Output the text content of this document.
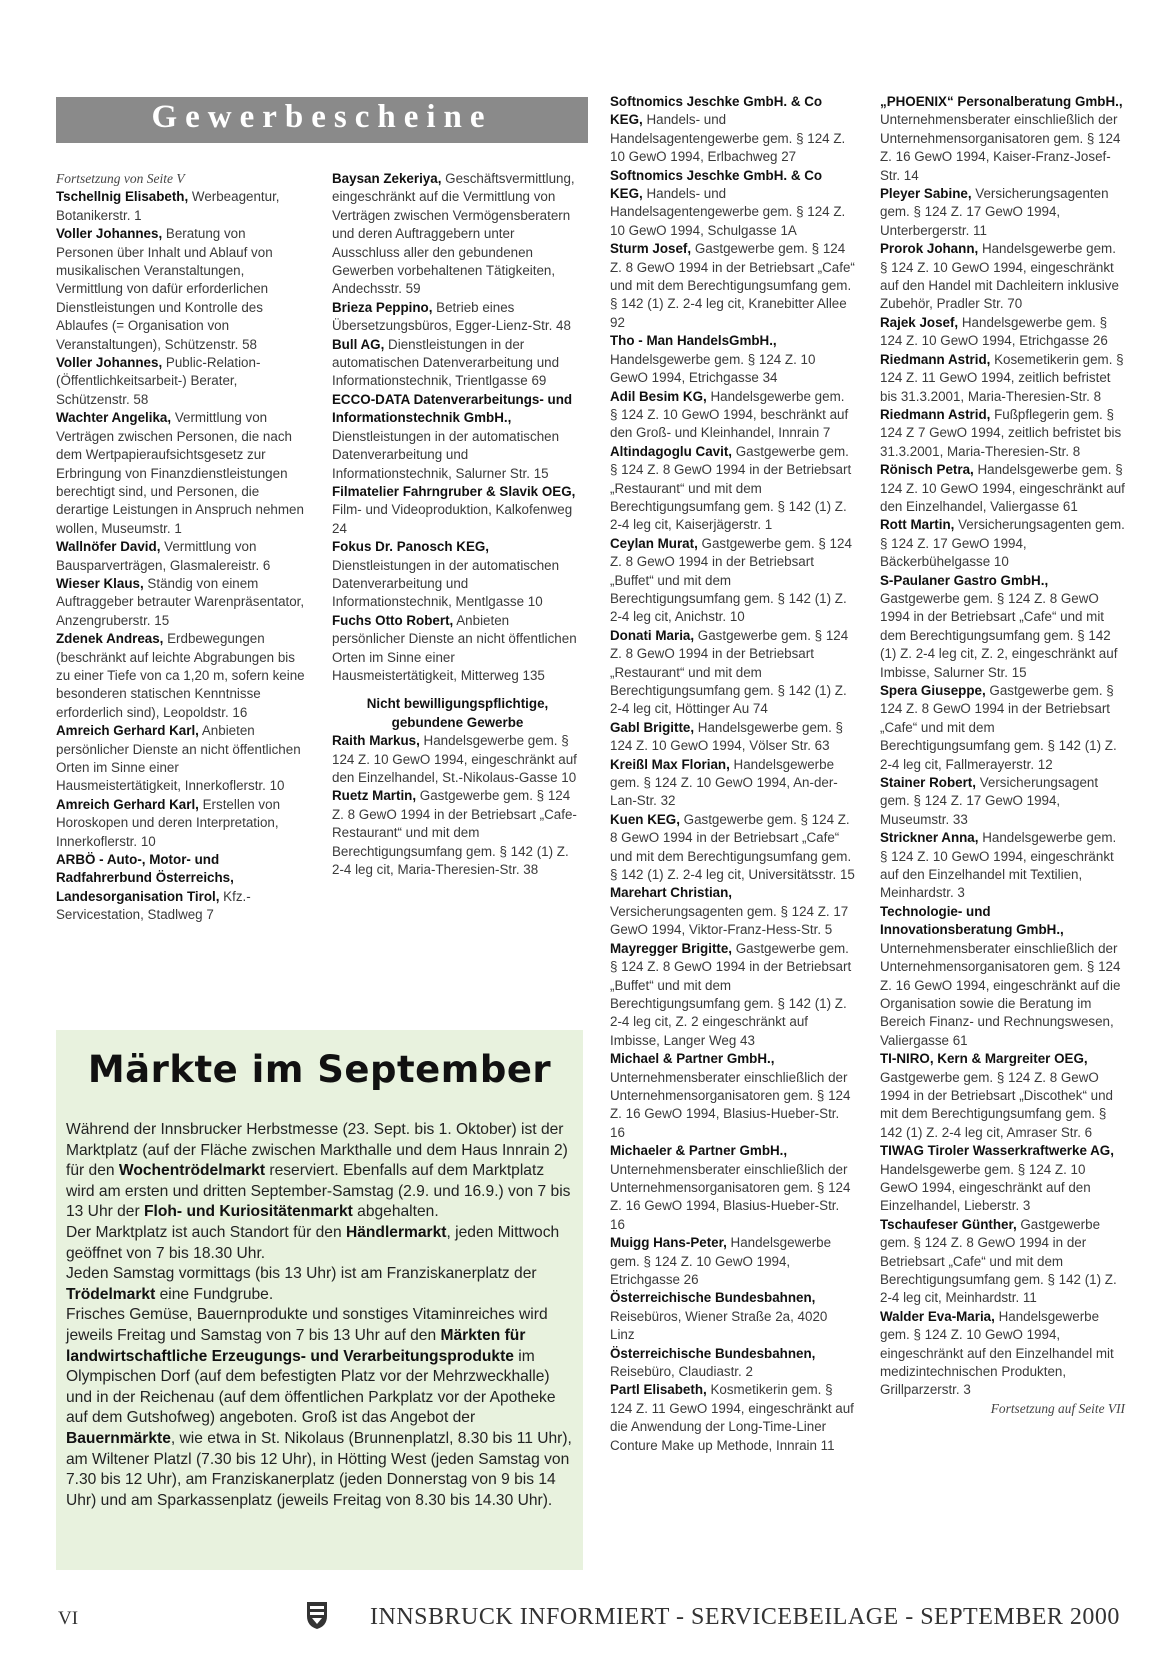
Gewerbescheine
Fortsetzung von Seite V

Tschellnig Elisabeth, Werbeagentur, Botanikerstr. 1

Voller Johannes, Beratung von Personen über Inhalt und Ablauf von musikalischen Veranstaltungen, Vermittlung von dafür erforderlichen Dienstleistungen und Kontrolle des Ablaufes (= Organisation von Veranstaltungen), Schützenstr. 58

Voller Johannes, Public-Relation-(Öffentlichkeitsarbeit-) Berater, Schützenstr. 58

Wachter Angelika, Vermittlung von Verträgen zwischen Personen, die nach dem Wertpapieraufsichtsgesetz zur Erbringung von Finanzdienstleistungen berechtigt sind, und Personen, die derartige Leistungen in Anspruch nehmen wollen, Museumstr. 1

Wallnöfer David, Vermittlung von Bausparverträgen, Glasmalereistr. 6

Wieser Klaus, Ständig von einem Auftraggeber betrauter Warenpräsentator, Anzengruberstr. 15

Zdenek Andreas, Erdbewegungen (beschränkt auf leichte Abgrabungen bis zu einer Tiefe von ca 1,20 m, sofern keine besonderen statischen Kenntnisse erforderlich sind), Leopoldstr. 16

Amreich Gerhard Karl, Anbieten persönlicher Dienste an nicht öffentlichen Orten im Sinne einer Hausmeistertätigkeit, Innerkoflerstr. 10

Amreich Gerhard Karl, Erstellen von Horoskopen und deren Interpretation, Innerkoflerstr. 10

ARBÖ - Auto-, Motor- und Radfahrerbund Österreichs, Landesorganisation Tirol, Kfz.-Servicestation, Stadlweg 7

Baysan Zekeriya, Geschäftsvermittlung, eingeschränkt auf die Vermittlung von Verträgen zwischen Vermögensberatern und deren Auftraggebern unter Ausschluss aller den gebundenen Gewerben vorbehaltenen Tätigkeiten, Andechsstr. 59

Brieza Peppino, Betrieb eines Übersetzungsbüros, Egger-Lienz-Str. 48

Bull AG, Dienstleistungen in der automatischen Datenverarbeitung und Informationstechnik, Trientlgasse 69

ECCO-DATA Datenverarbeitungs- und Informationstechnik GmbH., Dienstleistungen in der automatischen Datenverarbeitung und Informationstechnik, Salurner Str. 15

Filmatelier Fahrngruber & Slavik OEG, Film- und Videoproduktion, Kalkofenweg 24

Fokus Dr. Panosch KEG, Dienstleistungen in der automatischen Datenverarbeitung und Informationstechnik, Mentlgasse 10

Fuchs Otto Robert, Anbieten persönlicher Dienste an nicht öffentlichen Orten im Sinne einer Hausmeistertätigkeit, Mitterweg 135

Nicht bewilligungspflichtige, gebundene Gewerbe

Raith Markus, Handelsgewerbe gem. § 124 Z. 10 GewO 1994, eingeschränkt auf den Einzelhandel, St.-Nikolaus-Gasse 10

Ruetz Martin, Gastgewerbe gem. § 124 Z. 8 GewO 1994 in der Betriebsart „Cafe-Restaurant“ und mit dem Berechtigungsumfang gem. § 142 (1) Z. 2-4 leg cit, Maria-Theresien-Str. 38

Märkte im September
Während der Innsbrucker Herbstmesse (23. Sept. bis 1. Oktober) ist der Marktplatz (auf der Fläche zwischen Markthalle und dem Haus Innrain 2) für den Wochentrödelmarkt reserviert. Ebenfalls auf dem Marktplatz wird am ersten und dritten September-Samstag (2.9. und 16.9.) von 7 bis 13 Uhr der Floh- und Kuriositätenmarkt abgehalten.
Der Marktplatz ist auch Standort für den Händlermarkt, jeden Mittwoch geöffnet von 7 bis 18.30 Uhr.
Jeden Samstag vormittags (bis 13 Uhr) ist am Franziskanerplatz der Trödelmarkt eine Fundgrube.
Frisches Gemüse, Bauernprodukte und sonstiges Vitaminreiches wird jeweils Freitag und Samstag von 7 bis 13 Uhr auf den Märkten für landwirtschaftliche Erzeugungs- und Verarbeitungsprodukte im Olympischen Dorf (auf dem befestigten Platz vor der Mehrzweckhalle) und in der Reichenau (auf dem öffentlichen Parkplatz vor der Apotheke auf dem Gutshofweg) angeboten. Groß ist das Angebot der Bauernmärkte, wie etwa in St. Nikolaus (Brunnenplatzl, 8.30 bis 11 Uhr), am Wiltener Platzl (7.30 bis 12 Uhr), in Hötting West (jeden Samstag von 7.30 bis 12 Uhr), am Franziskanerplatz (jeden Donnerstag von 9 bis 14 Uhr) und am Sparkassenplatz (jeweils Freitag von 8.30 bis 14.30 Uhr).

Softnomics Jeschke GmbH. & Co KEG, Handels- und Handelsagentengewerbe gem. § 124 Z. 10 GewO 1994, Erlbachweg 27

Softnomics Jeschke GmbH. & Co KEG, Handels- und Handelsagentengewerbe gem. § 124 Z. 10 GewO 1994, Schulgasse 1A

Sturm Josef, Gastgewerbe gem. § 124 Z. 8 GewO 1994 in der Betriebsart „Cafe“ und mit dem Berechtigungsumfang gem. § 142 (1) Z. 2-4 leg cit, Kranebitter Allee 92

Tho - Man HandelsGmbH., Handelsgewerbe gem. § 124 Z. 10 GewO 1994, Etrichgasse 34

Adil Besim KG, Handelsgewerbe gem. § 124 Z. 10 GewO 1994, beschränkt auf den Groß- und Kleinhandel, Innrain 7

Altindagoglu Cavit, Gastgewerbe gem. § 124 Z. 8 GewO 1994 in der Betriebsart „Restaurant“ und mit dem Berechtigungsumfang gem. § 142 (1) Z. 2-4 leg cit, Kaiserjägerstr. 1

Ceylan Murat, Gastgewerbe gem. § 124 Z. 8 GewO 1994 in der Betriebsart „Buffet“ und mit dem Berechtigungsumfang gem. § 142 (1) Z. 2-4 leg cit, Anichstr. 10

Donati Maria, Gastgewerbe gem. § 124 Z. 8 GewO 1994 in der Betriebsart „Restaurant“ und mit dem Berechtigungsumfang gem. § 142 (1) Z. 2-4 leg cit, Höttinger Au 74

Gabl Brigitte, Handelsgewerbe gem. § 124 Z. 10 GewO 1994, Völser Str. 63

Kreißl Max Florian, Handelsgewerbe gem. § 124 Z. 10 GewO 1994, An-der-Lan-Str. 32

Kuen KEG, Gastgewerbe gem. § 124 Z. 8 GewO 1994 in der Betriebsart „Cafe“ und mit dem Berechtigungsumfang gem. § 142 (1) Z. 2-4 leg cit, Universitätsstr. 15

Marehart Christian, Versicherungsagenten gem. § 124 Z. 17 GewO 1994, Viktor-Franz-Hess-Str. 5

Mayregger Brigitte, Gastgewerbe gem. § 124 Z. 8 GewO 1994 in der Betriebsart „Buffet“ und mit dem Berechtigungsumfang gem. § 142 (1) Z. 2-4 leg cit, Z. 2 eingeschränkt auf Imbisse, Langer Weg 43

Michael & Partner GmbH., Unternehmensberater einschließlich der Unternehmensorganisatoren gem. § 124 Z. 16 GewO 1994, Blasius-Hueber-Str. 16

Michaeler & Partner GmbH., Unternehmensberater einschließlich der Unternehmensorganisatoren gem. § 124 Z. 16 GewO 1994, Blasius-Hueber-Str. 16

Muigg Hans-Peter, Handelsgewerbe gem. § 124 Z. 10 GewO 1994, Etrichgasse 26

Österreichische Bundesbahnen, Reisebüros, Wiener Straße 2a, 4020 Linz

Österreichische Bundesbahnen, Reisebüro, Claudiastr. 2

Partl Elisabeth, Kosmetikerin gem. § 124 Z. 11 GewO 1994, eingeschränkt auf die Anwendung der Long-Time-Liner Conture Make up Methode, Innrain 11

„PHOENIX“ Personalberatung GmbH., Unternehmensberater einschließlich der Unternehmensorganisatoren gem. § 124 Z. 16 GewO 1994, Kaiser-Franz-Josef-Str. 14

Pleyer Sabine, Versicherungsagenten gem. § 124 Z. 17 GewO 1994, Unterbergerstr. 11

Prorok Johann, Handelsgewerbe gem. § 124 Z. 10 GewO 1994, eingeschränkt auf den Handel mit Dachleitern inklusive Zubehör, Pradler Str. 70

Rajek Josef, Handelsgewerbe gem. § 124 Z. 10 GewO 1994, Etrichgasse 26

Riedmann Astrid, Kosemetikerin gem. § 124 Z. 11 GewO 1994, zeitlich befristet bis 31.3.2001, Maria-Theresien-Str. 8

Riedmann Astrid, Fußpflegerin gem. § 124 Z 7 GewO 1994, zeitlich befristet bis 31.3.2001, Maria-Theresien-Str. 8

Rönisch Petra, Handelsgewerbe gem. § 124 Z. 10 GewO 1994, eingeschränkt auf den Einzelhandel, Valiergasse 61

Rott Martin, Versicherungsagenten gem. § 124 Z. 17 GewO 1994, Bäckerbühelgasse 10

S-Paulaner Gastro GmbH., Gastgewerbe gem. § 124 Z. 8 GewO 1994 in der Betriebsart „Cafe“ und mit dem Berechtigungsumfang gem. § 142 (1) Z. 2-4 leg cit, Z. 2, eingeschränkt auf Imbisse, Salurner Str. 15

Spera Giuseppe, Gastgewerbe gem. § 124 Z. 8 GewO 1994 in der Betriebsart „Cafe“ und mit dem Berechtigungsumfang gem. § 142 (1) Z. 2-4 leg cit, Fallmerayerstr. 12

Stainer Robert, Versicherungsagent gem. § 124 Z. 17 GewO 1994, Museumstr. 33

Strickner Anna, Handelsgewerbe gem. § 124 Z. 10 GewO 1994, eingeschränkt auf den Einzelhandel mit Textilien, Meinhardstr. 3

Technologie- und Innovationsberatung GmbH., Unternehmensberater einschließlich der Unternehmensorganisatoren gem. § 124 Z. 16 GewO 1994, eingeschränkt auf die Organisation sowie die Beratung im Bereich Finanz- und Rechnungswesen, Valiergasse 61

TI-NIRO, Kern & Margreiter OEG, Gastgewerbe gem. § 124 Z. 8 GewO 1994 in der Betriebsart „Discothek“ und mit dem Berechtigungsumfang gem. § 142 (1) Z. 2-4 leg cit, Amraser Str. 6

TIWAG Tiroler Wasserkraftwerke AG, Handelsgewerbe gem. § 124 Z. 10 GewO 1994, eingeschränkt auf den Einzelhandel, Lieberstr. 3

Tschaufeser Günther, Gastgewerbe gem. § 124 Z. 8 GewO 1994 in der Betriebsart „Cafe“ und mit dem Berechtigungsumfang gem. § 142 (1) Z. 2-4 leg cit, Meinhardstr. 11

Walder Eva-Maria, Handelsgewerbe gem. § 124 Z. 10 GewO 1994, eingeschränkt auf den Einzelhandel mit medizintechnischen Produkten, Grillparzerstr. 3

Fortsetzung auf Seite VII
VI	INNSBRUCK INFORMIERT - SERVICEBEILAGE - SEPTEMBER 2000
